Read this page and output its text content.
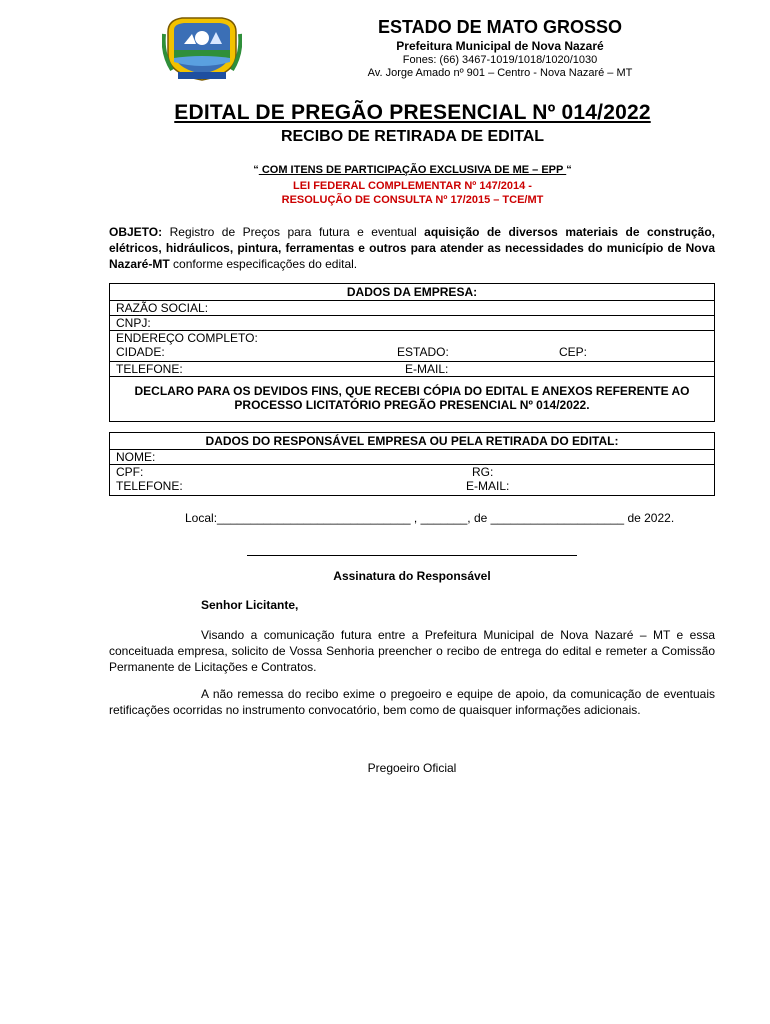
ESTADO DE MATO GROSSO
Prefeitura Municipal de Nova Nazaré
Fones: (66) 3467-1019/1018/1020/1030
Av. Jorge Amado nº 901 – Centro - Nova Nazaré – MT
EDITAL DE PREGÃO PRESENCIAL Nº 014/2022
RECIBO DE RETIRADA DE EDITAL
“ COM ITENS DE PARTICIPAÇÃO EXCLUSIVA DE ME – EPP “
LEI FEDERAL COMPLEMENTAR Nº 147/2014 -
RESOLUÇÃO DE CONSULTA Nº 17/2015 – TCE/MT
OBJETO: Registro de Preços para futura e eventual aquisição de diversos materiais de construção, elétricos, hidráulicos, pintura, ferramentas e outros para atender as necessidades do município de Nova Nazaré-MT conforme especificações do edital.
DADOS DA EMPRESA:
RAZÃO SOCIAL:
CNPJ:

ENDEREÇO COMPLETO:
CIDADE:	ESTADO:	CEP:

TELEFONE:	E-MAIL:

DECLARO PARA OS DEVIDOS FINS, QUE RECEBI CÓPIA DO EDITAL E ANEXOS REFERENTE AO PROCESSO LICITATÓRIO PREGÃO PRESENCIAL Nº 014/2022.
DADOS DO RESPONSÁVEL EMPRESA OU PELA RETIRADA DO EDITAL:
NOME:

CPF:	RG:
TELEFONE:	E-MAIL:
Local:_____________________________ , _______, de ____________________ de 2022.
Assinatura do Responsável
Senhor Licitante,
Visando a comunicação futura entre a Prefeitura Municipal de Nova Nazaré – MT e essa conceituada empresa, solicito de Vossa Senhoria preencher o recibo de entrega do edital e remeter a Comissão Permanente de Licitações e Contratos.
A não remessa do recibo exime o pregoeiro e equipe de apoio, da comunicação de eventuais retificações ocorridas no instrumento convocatório, bem como de quaisquer informações adicionais.
Pregoeiro Oficial
